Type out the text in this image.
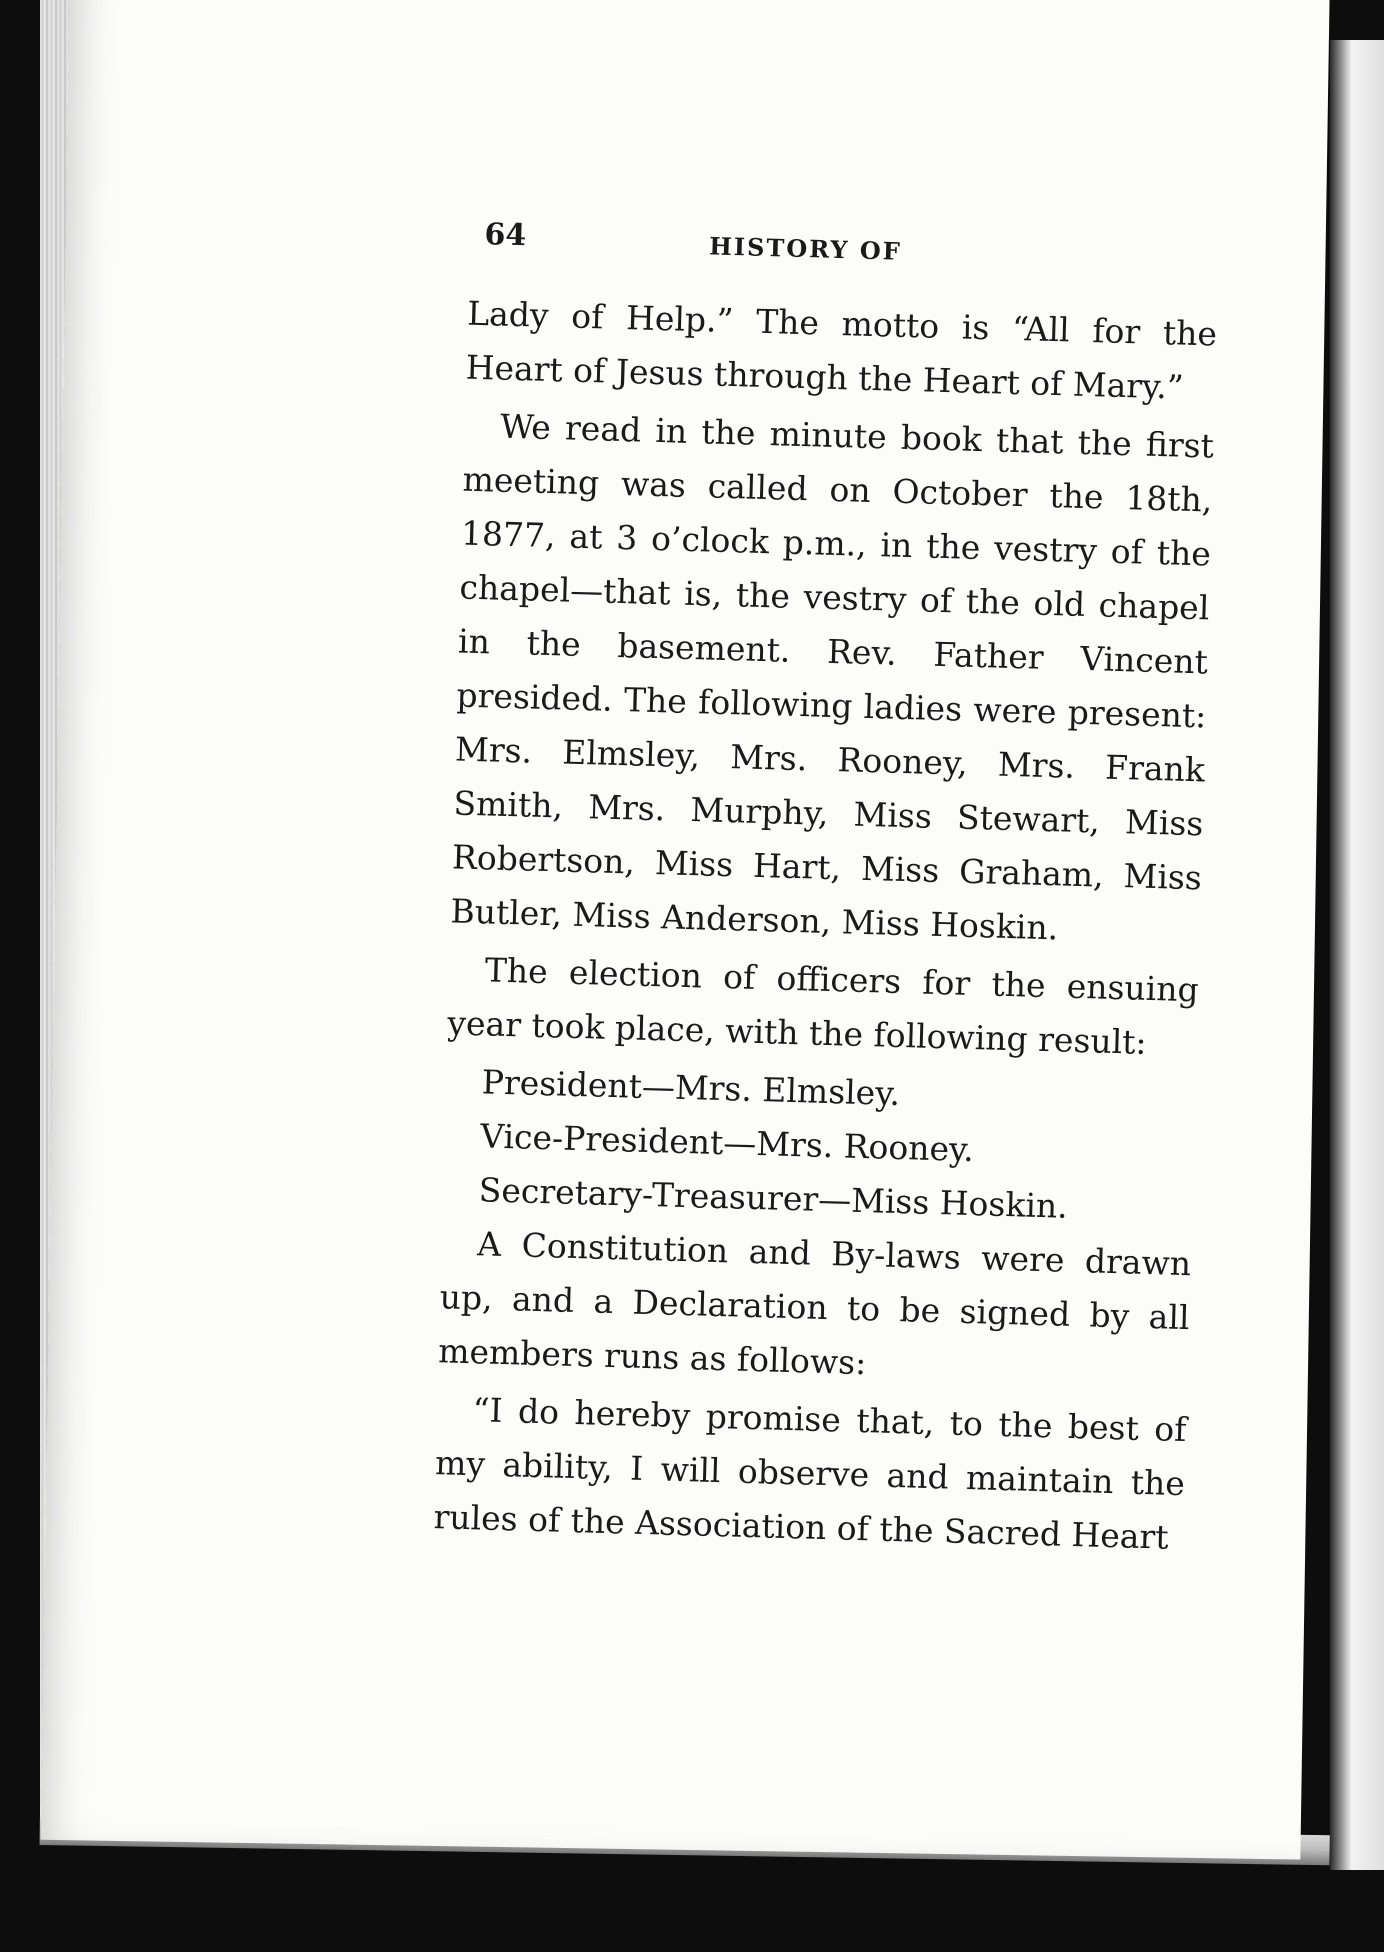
64	HISTORY OF

Lady of Help.” The motto is “All for the Heart of Jesus through the Heart of Mary.”

We read in the minute book that the first meeting was called on October the 18th, 1877, at 3 o’clock p.m., in the vestry of the chapel—that is, the vestry of the old chapel in the basement. Rev. Father Vincent presided. The following ladies were present: Mrs. Elmsley, Mrs. Rooney, Mrs. Frank Smith, Mrs. Murphy, Miss Stewart, Miss Robertson, Miss Hart, Miss Graham, Miss Butler, Miss Anderson, Miss Hoskin.

The election of officers for the ensuing year took place, with the following result:

President—Mrs. Elmsley.

Vice-President—Mrs. Rooney.

Secretary-Treasurer—Miss Hoskin.

A Constitution and By-laws were drawn up, and a Declaration to be signed by all members runs as follows:

“I do hereby promise that, to the best of my ability, I will observe and maintain the rules of the Association of the Sacred Heart
